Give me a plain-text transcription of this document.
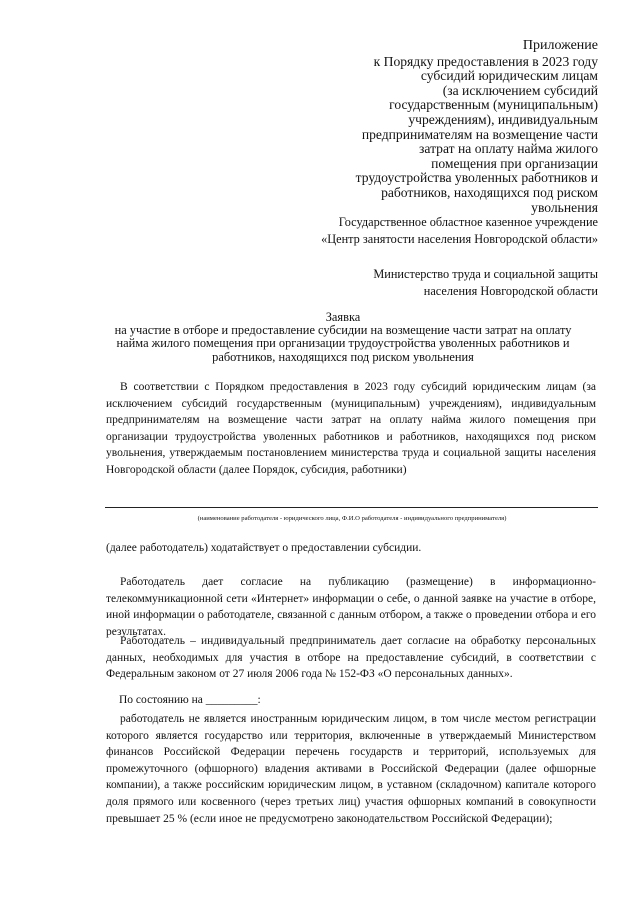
Приложение
к Порядку предоставления в 2023 году
субсидий юридическим лицам
(за исключением субсидий
государственным (муниципальным)
учреждениям), индивидуальным
предпринимателям на возмещение части
затрат на оплату найма жилого
помещения при организации
трудоустройства уволенных работников и
работников, находящихся под риском
увольнения
Государственное областное казенное учреждение
«Центр занятости населения Новгородской области»
Министерство труда и социальной защиты
населения Новгородской области
Заявка
на участие в отборе и предоставление субсидии на возмещение части затрат на оплату
найма жилого помещения при организации трудоустройства уволенных работников и
работников, находящихся под риском увольнения
В соответствии с Порядком предоставления в 2023 году субсидий юридическим лицам (за исключением субсидий государственным (муниципальным) учреждениям), индивидуальным предпринимателям на возмещение части затрат на оплату найма жилого помещения при организации трудоустройства уволенных работников и работников, находящихся под риском увольнения, утверждаемым постановлением министерства труда и социальной защиты населения Новгородской области (далее Порядок, субсидия, работники)
(наименование работодателя - юридического лица, Ф.И.О работодателя - индивидуального предпринимателя)
(далее работодатель) ходатайствует о предоставлении субсидии.
Работодатель дает согласие на публикацию (размещение) в информационно-телекоммуникационной сети «Интернет» информации о себе, о данной заявке на участие в отборе, иной информации о работодателе, связанной с данным отбором, а также о проведении отбора и его результатах.
Работодатель – индивидуальный предприниматель дает согласие на обработку персональных данных, необходимых для участия в отборе на предоставление субсидий, в соответствии с Федеральным законом от 27 июля 2006 года № 152-ФЗ «О персональных данных».
По состоянию на _________:
работодатель не является иностранным юридическим лицом, в том числе местом регистрации которого является государство или территория, включенные в утверждаемый Министерством финансов Российской Федерации перечень государств и территорий, используемых для промежуточного (офшорного) владения активами в Российской Федерации (далее офшорные компании), а также российским юридическим лицом, в уставном (складочном) капитале которого доля прямого или косвенного (через третьих лиц) участия офшорных компаний в совокупности превышает 25 % (если иное не предусмотрено законодательством Российской Федерации);
